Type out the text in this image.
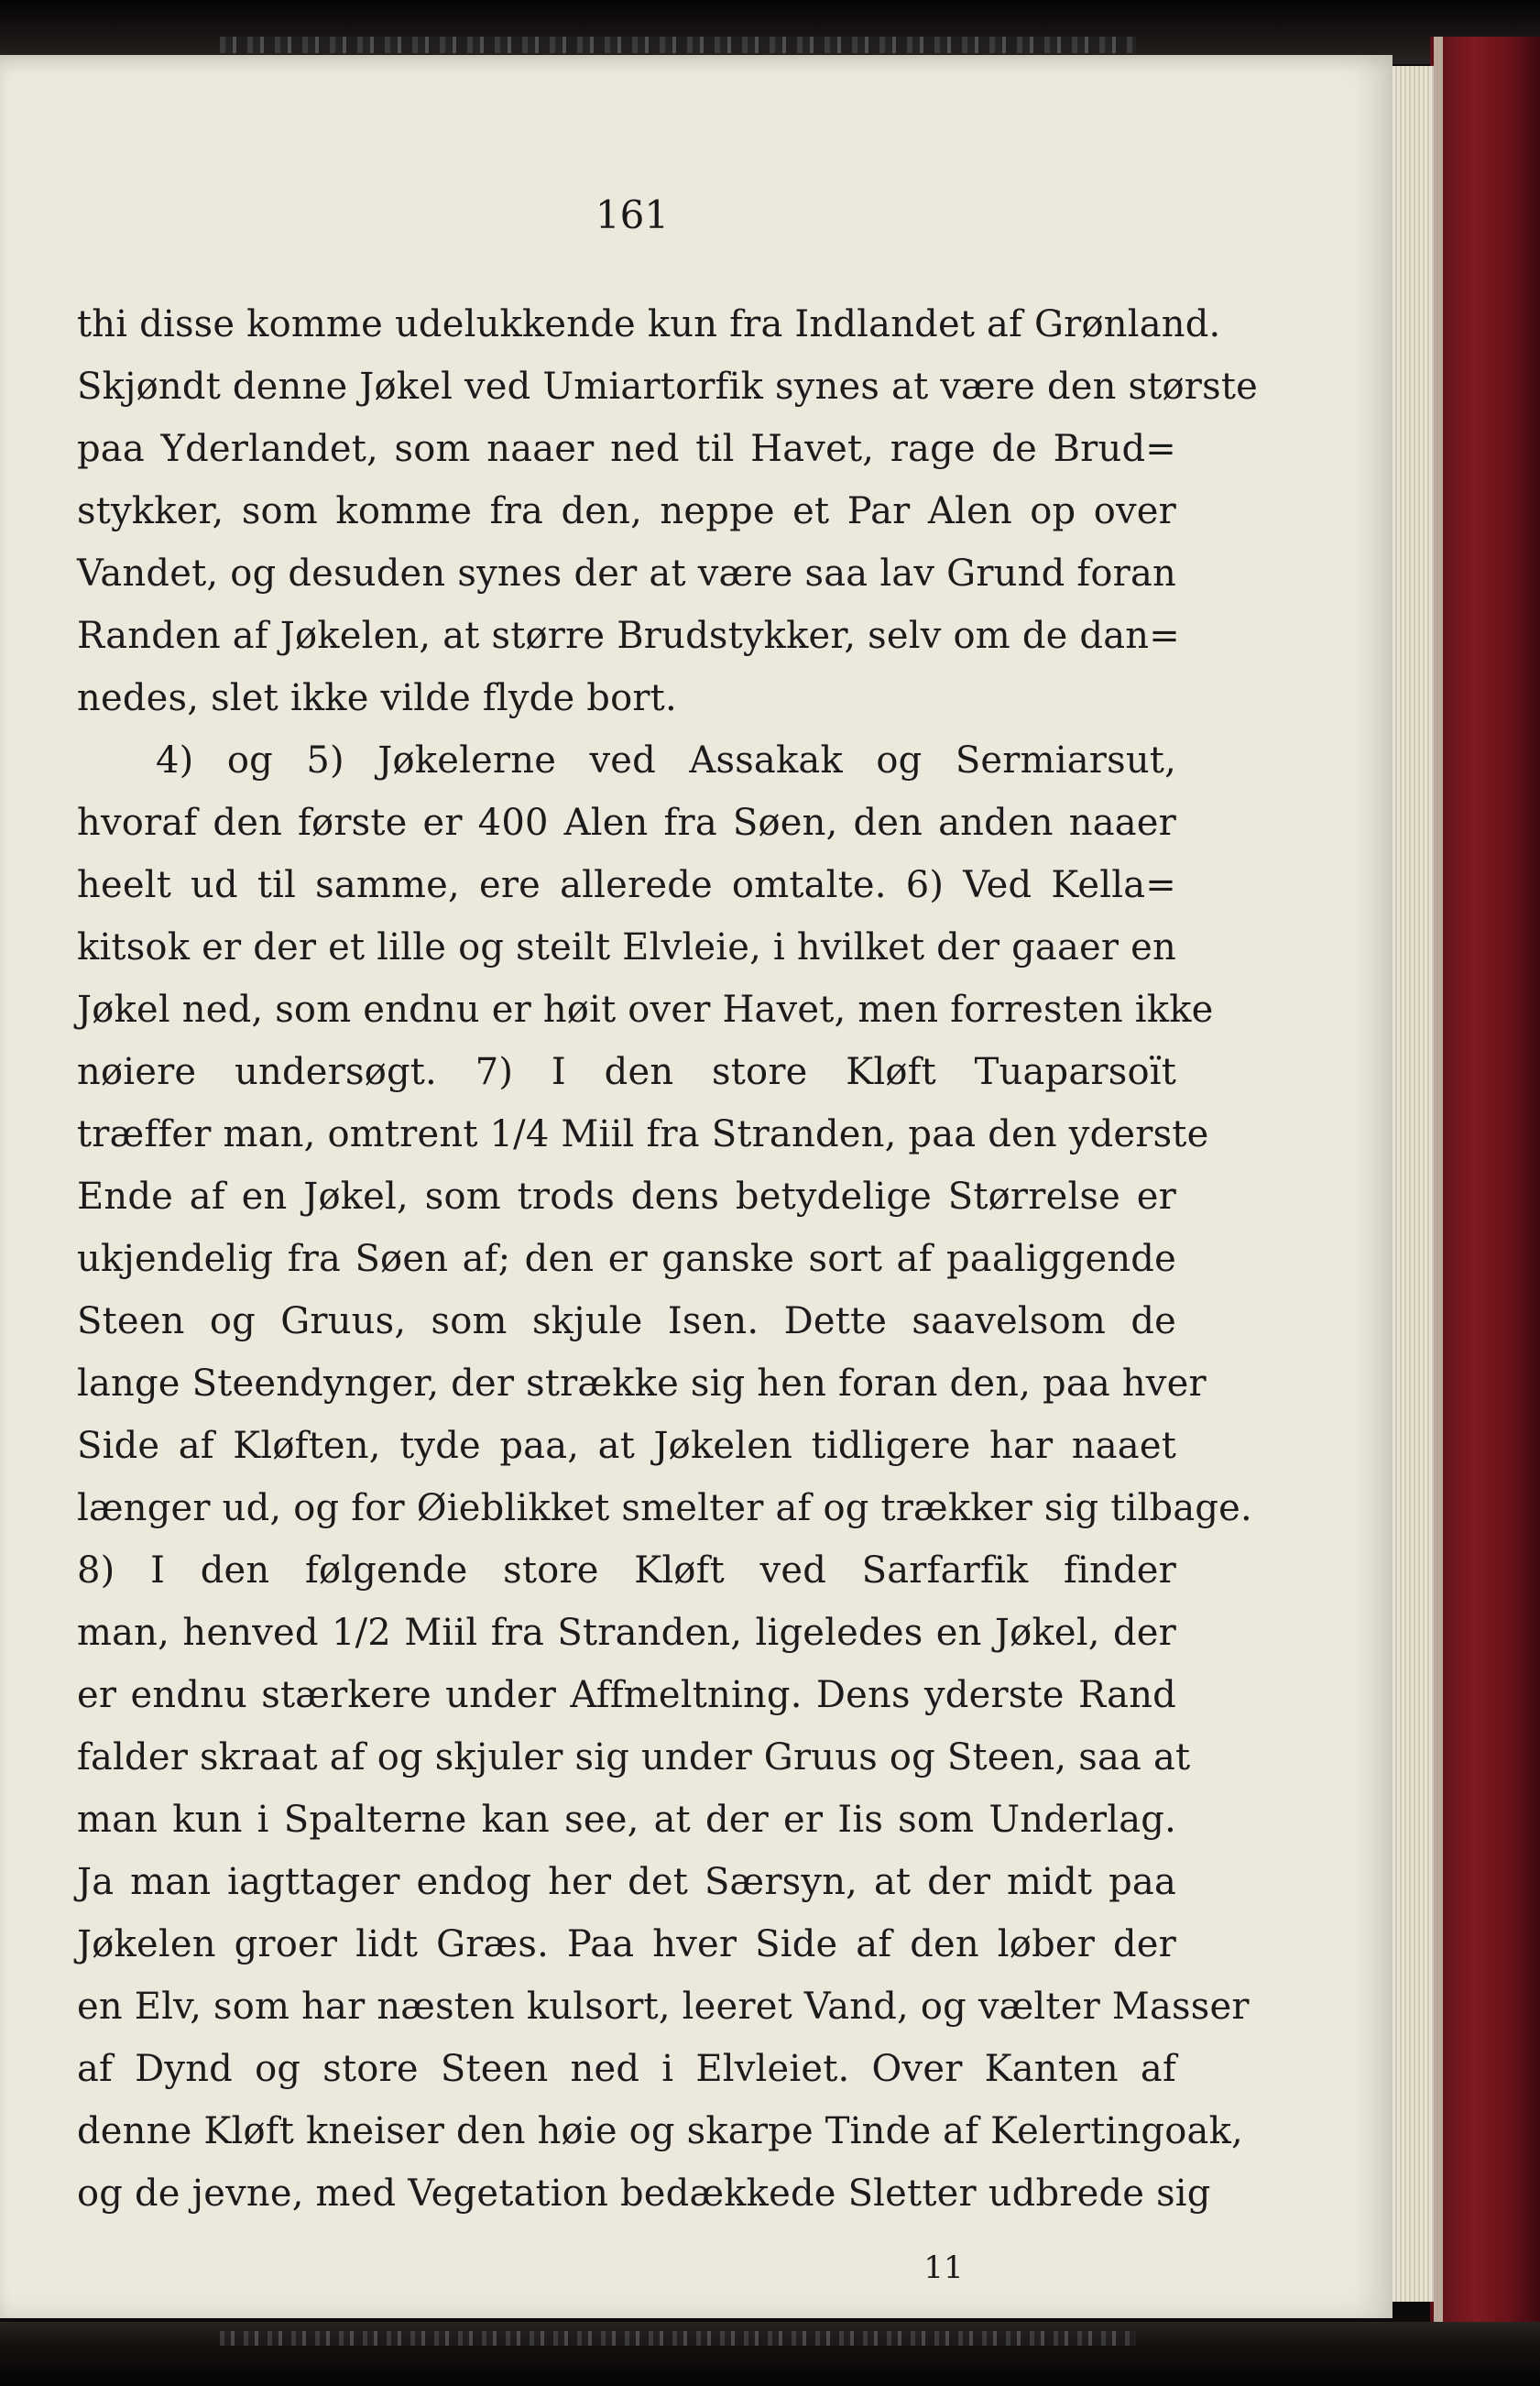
161
thi disse komme udelukkende kun fra Indlandet af Grønland.
Skjøndt denne Jøkel ved Umiartorfik synes at være den største
paa Yderlandet, som naaer ned til Havet, rage de Brud=
stykker, som komme fra den, neppe et Par Alen op over
Vandet, og desuden synes der at være saa lav Grund foran
Randen af Jøkelen, at større Brudstykker, selv om de dan=
nedes, slet ikke vilde flyde bort.
4) og 5) Jøkelerne ved Assakak og Sermiarsut,
hvoraf den første er 400 Alen fra Søen, den anden naaer
heelt ud til samme, ere allerede omtalte. 6) Ved Kella=
kitsok er der et lille og steilt Elvleie, i hvilket der gaaer en
Jøkel ned, som endnu er høit over Havet, men forresten ikke
nøiere undersøgt. 7) I den store Kløft Tuaparsoït
træffer man, omtrent 1/4 Miil fra Stranden, paa den yderste
Ende af en Jøkel, som trods dens betydelige Størrelse er
ukjendelig fra Søen af; den er ganske sort af paaliggende
Steen og Gruus, som skjule Isen. Dette saavelsom de
lange Steendynger, der strække sig hen foran den, paa hver
Side af Kløften, tyde paa, at Jøkelen tidligere har naaet
længer ud, og for Øieblikket smelter af og trækker sig tilbage.
8) I den følgende store Kløft ved Sarfarfik finder
man, henved 1/2 Miil fra Stranden, ligeledes en Jøkel, der
er endnu stærkere under Affmeltning. Dens yderste Rand
falder skraat af og skjuler sig under Gruus og Steen, saa at
man kun i Spalterne kan see, at der er Iis som Underlag.
Ja man iagttager endog her det Særsyn, at der midt paa
Jøkelen groer lidt Græs. Paa hver Side af den løber der
en Elv, som har næsten kulsort, leeret Vand, og vælter Masser
af Dynd og store Steen ned i Elvleiet. Over Kanten af
denne Kløft kneiser den høie og skarpe Tinde af Kelertingoak,
og de jevne, med Vegetation bedækkede Sletter udbrede sig
11
